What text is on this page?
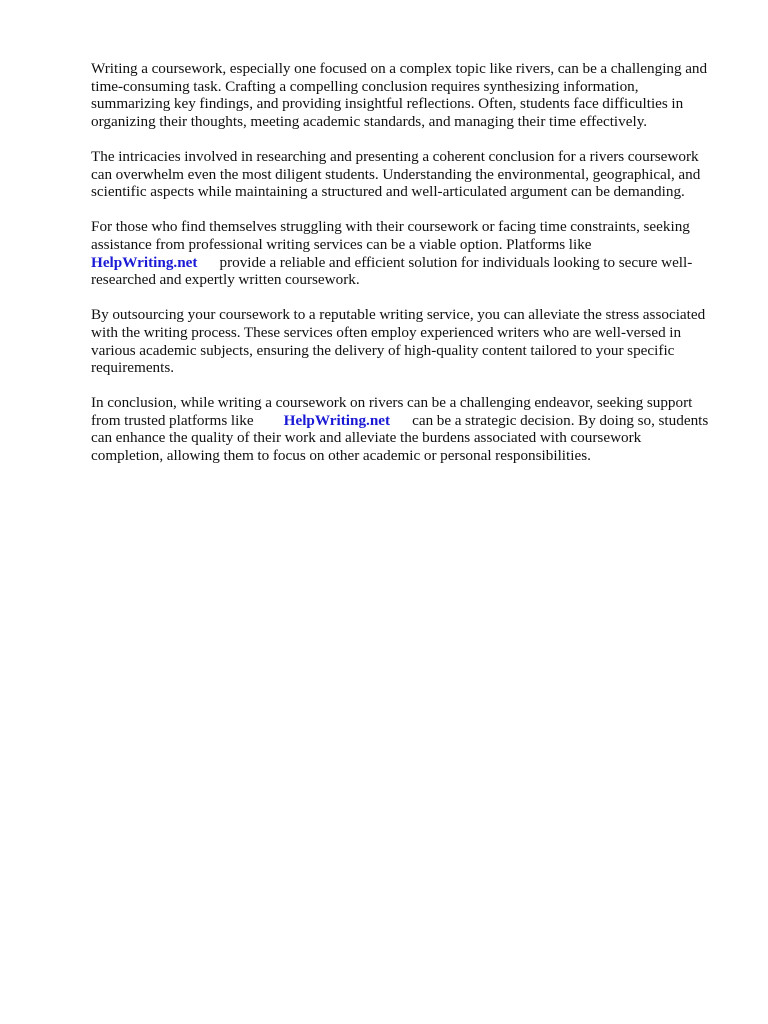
Writing a coursework, especially one focused on a complex topic like rivers, can be a challenging and
time-consuming task. Crafting a compelling conclusion requires synthesizing information,
summarizing key findings, and providing insightful reflections. Often, students face difficulties in
organizing their thoughts, meeting academic standards, and managing their time effectively.

The intricacies involved in researching and presenting a coherent conclusion for a rivers coursework
can overwhelm even the most diligent students. Understanding the environmental, geographical, and
scientific aspects while maintaining a structured and well-articulated argument can be demanding.

For those who find themselves struggling with their coursework or facing time constraints, seeking
assistance from professional writing services can be a viable option. Platforms like
HelpWriting.net provide a reliable and efficient solution for individuals looking to secure well-
researched and expertly written coursework.

By outsourcing your coursework to a reputable writing service, you can alleviate the stress associated
with the writing process. These services often employ experienced writers who are well-versed in
various academic subjects, ensuring the delivery of high-quality content tailored to your specific
requirements.

In conclusion, while writing a coursework on rivers can be a challenging endeavor, seeking support
from trusted platforms like HelpWriting.net can be a strategic decision. By doing so, students
can enhance the quality of their work and alleviate the burdens associated with coursework
completion, allowing them to focus on other academic or personal responsibilities.
